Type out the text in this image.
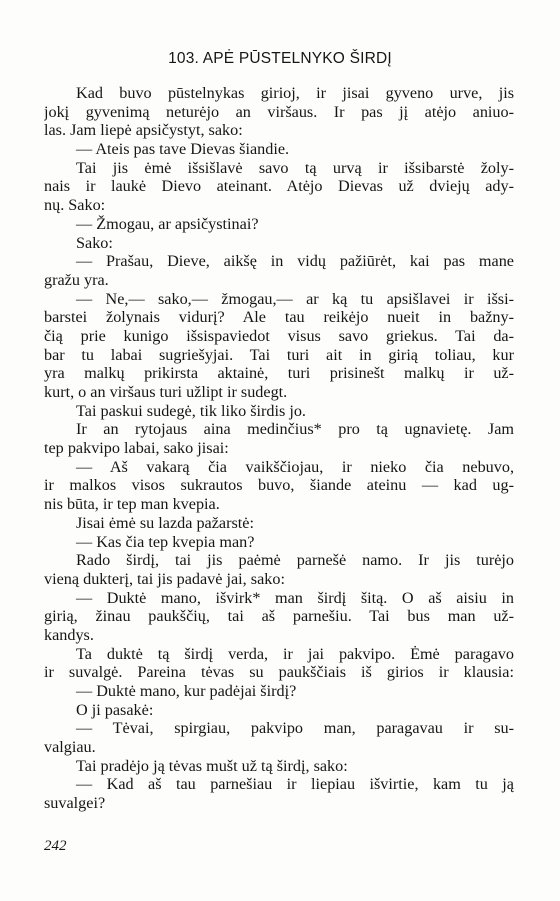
103. APĖ PŪSTELNYKO ŠIRDĮ
Kad buvo pūstelnykas girioj, ir jisai gyveno urve, jis
jokį gyvenimą neturėjo an viršaus. Ir pas jį atėjo aniuo-
las. Jam liepė apsičystyt, sako:
— Ateis pas tave Dievas šiandie.
Tai jis ėmė išsišlavė savo tą urvą ir išsibarstė žoly-
nais ir laukė Dievo ateinant. Atėjo Dievas už dviejų ady-
nų. Sako:
— Žmogau, ar apsičystinai?
Sako:
— Prašau, Dieve, aikšę in vidų pažiūrėt, kai pas mane
gražu yra.
— Ne,— sako,— žmogau,— ar ką tu apsišlavei ir išsi-
barstei žolynais vidurį? Ale tau reikėjo nueit in bažny-
čią prie kunigo išsispaviedot visus savo griekus. Tai da-
bar tu labai sugriešyjai. Tai turi ait in girią toliau, kur
yra malkų prikirsta aktainė, turi prisinešt malkų ir už-
kurt, o an viršaus turi užlipt ir sudegt.
Tai paskui sudegė, tik liko širdis jo.
Ir an rytojaus aina medinčius* pro tą ugnavietę. Jam
tep pakvipo labai, sako jisai:
— Aš vakarą čia vaikščiojau, ir nieko čia nebuvo,
ir malkos visos sukrautos buvo, šiande ateinu — kad ug-
nis būta, ir tep man kvepia.
Jisai ėmė su lazda pažarstė:
— Kas čia tep kvepia man?
Rado širdį, tai jis paėmė parnešė namo. Ir jis turėjo
vieną dukterį, tai jis padavė jai, sako:
— Duktė mano, išvirk* man širdį šitą. O aš aisiu in
girią, žinau paukščių, tai aš parnešiu. Tai bus man už-
kandys.
Ta duktė tą širdį verda, ir jai pakvipo. Ėmė paragavo
ir suvalgė. Pareina tėvas su paukščiais iš girios ir klausia:
— Duktė mano, kur padėjai širdį?
O ji pasakė:
— Tėvai, spirgiau, pakvipo man, paragavau ir su-
valgiau.
Tai pradėjo ją tėvas mušt už tą širdį, sako:
— Kad aš tau parnešiau ir liepiau išvirtie, kam tu ją
suvalgei?
242
